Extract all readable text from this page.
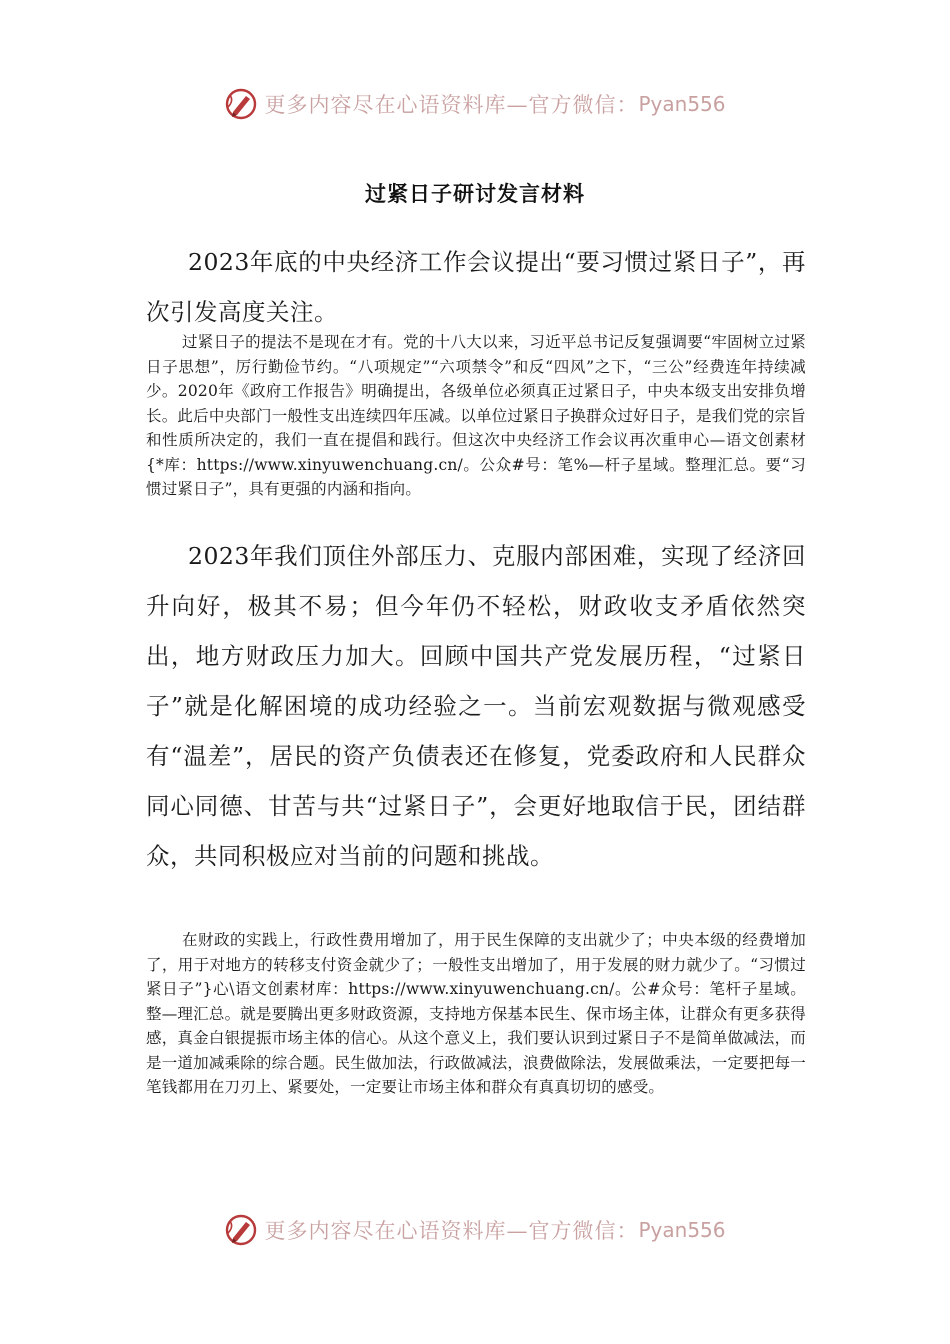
更多内容尽在心语资料库—官方微信： Pyan556
过紧日子研讨发言材料

2023年底的中央经济工作会议提出“要习惯过紧日子”，再次引发高度关注。

过紧日子的提法不是现在才有。党的十八大以来，习近平总书记反复强调要“牢固树立过紧日子思想”，厉行勤俭节约。“八项规定”“六项禁令”和反“四风”之下，“三公”经费连年持续减少。2020年《政府工作报告》明确提出，各级单位必须真正过紧日子，中央本级支出安排负增长。此后中央部门一般性支出连续四年压减。以单位过紧日子换群众过好日子，是我们党的宗旨和性质所决定的，我们一直在提倡和践行。但这次中央经济工作会议再次重申心—语文创素材{*库：https://www.xinyuwenchuang.cn/。公众#号：笔%—杆子星域。整理汇总。要“习惯过紧日子”，具有更强的内涵和指向。

2023年我们顶住外部压力、克服内部困难，实现了经济回升向好，极其不易；但今年仍不轻松，财政收支矛盾依然突出，地方财政压力加大。回顾中国共产党发展历程，“过紧日子”就是化解困境的成功经验之一。当前宏观数据与微观感受有“温差”，居民的资产负债表还在修复，党委政府和人民群众同心同德、甘苦与共“过紧日子”，会更好地取信于民，团结群众，共同积极应对当前的问题和挑战。

在财政的实践上，行政性费用增加了，用于民生保障的支出就少了；中央本级的经费增加了，用于对地方的转移支付资金就少了；一般性支出增加了，用于发展的财力就少了。“习惯过紧日子”}心\语文创素材库：https://www.xinyuwenchuang.cn/。公#众号：笔杆子星域。整—理汇总。就是要腾出更多财政资源，支持地方保基本民生、保市场主体，让群众有更多获得感，真金白银提振市场主体的信心。从这个意义上，我们要认识到过紧日子不是简单做减法，而是一道加减乘除的综合题。民生做加法，行政做减法，浪费做除法，发展做乘法，一定要把每一笔钱都用在刀刃上、紧要处，一定要让市场主体和群众有真真切切的感受。

更多内容尽在心语资料库—官方微信： Pyan556
